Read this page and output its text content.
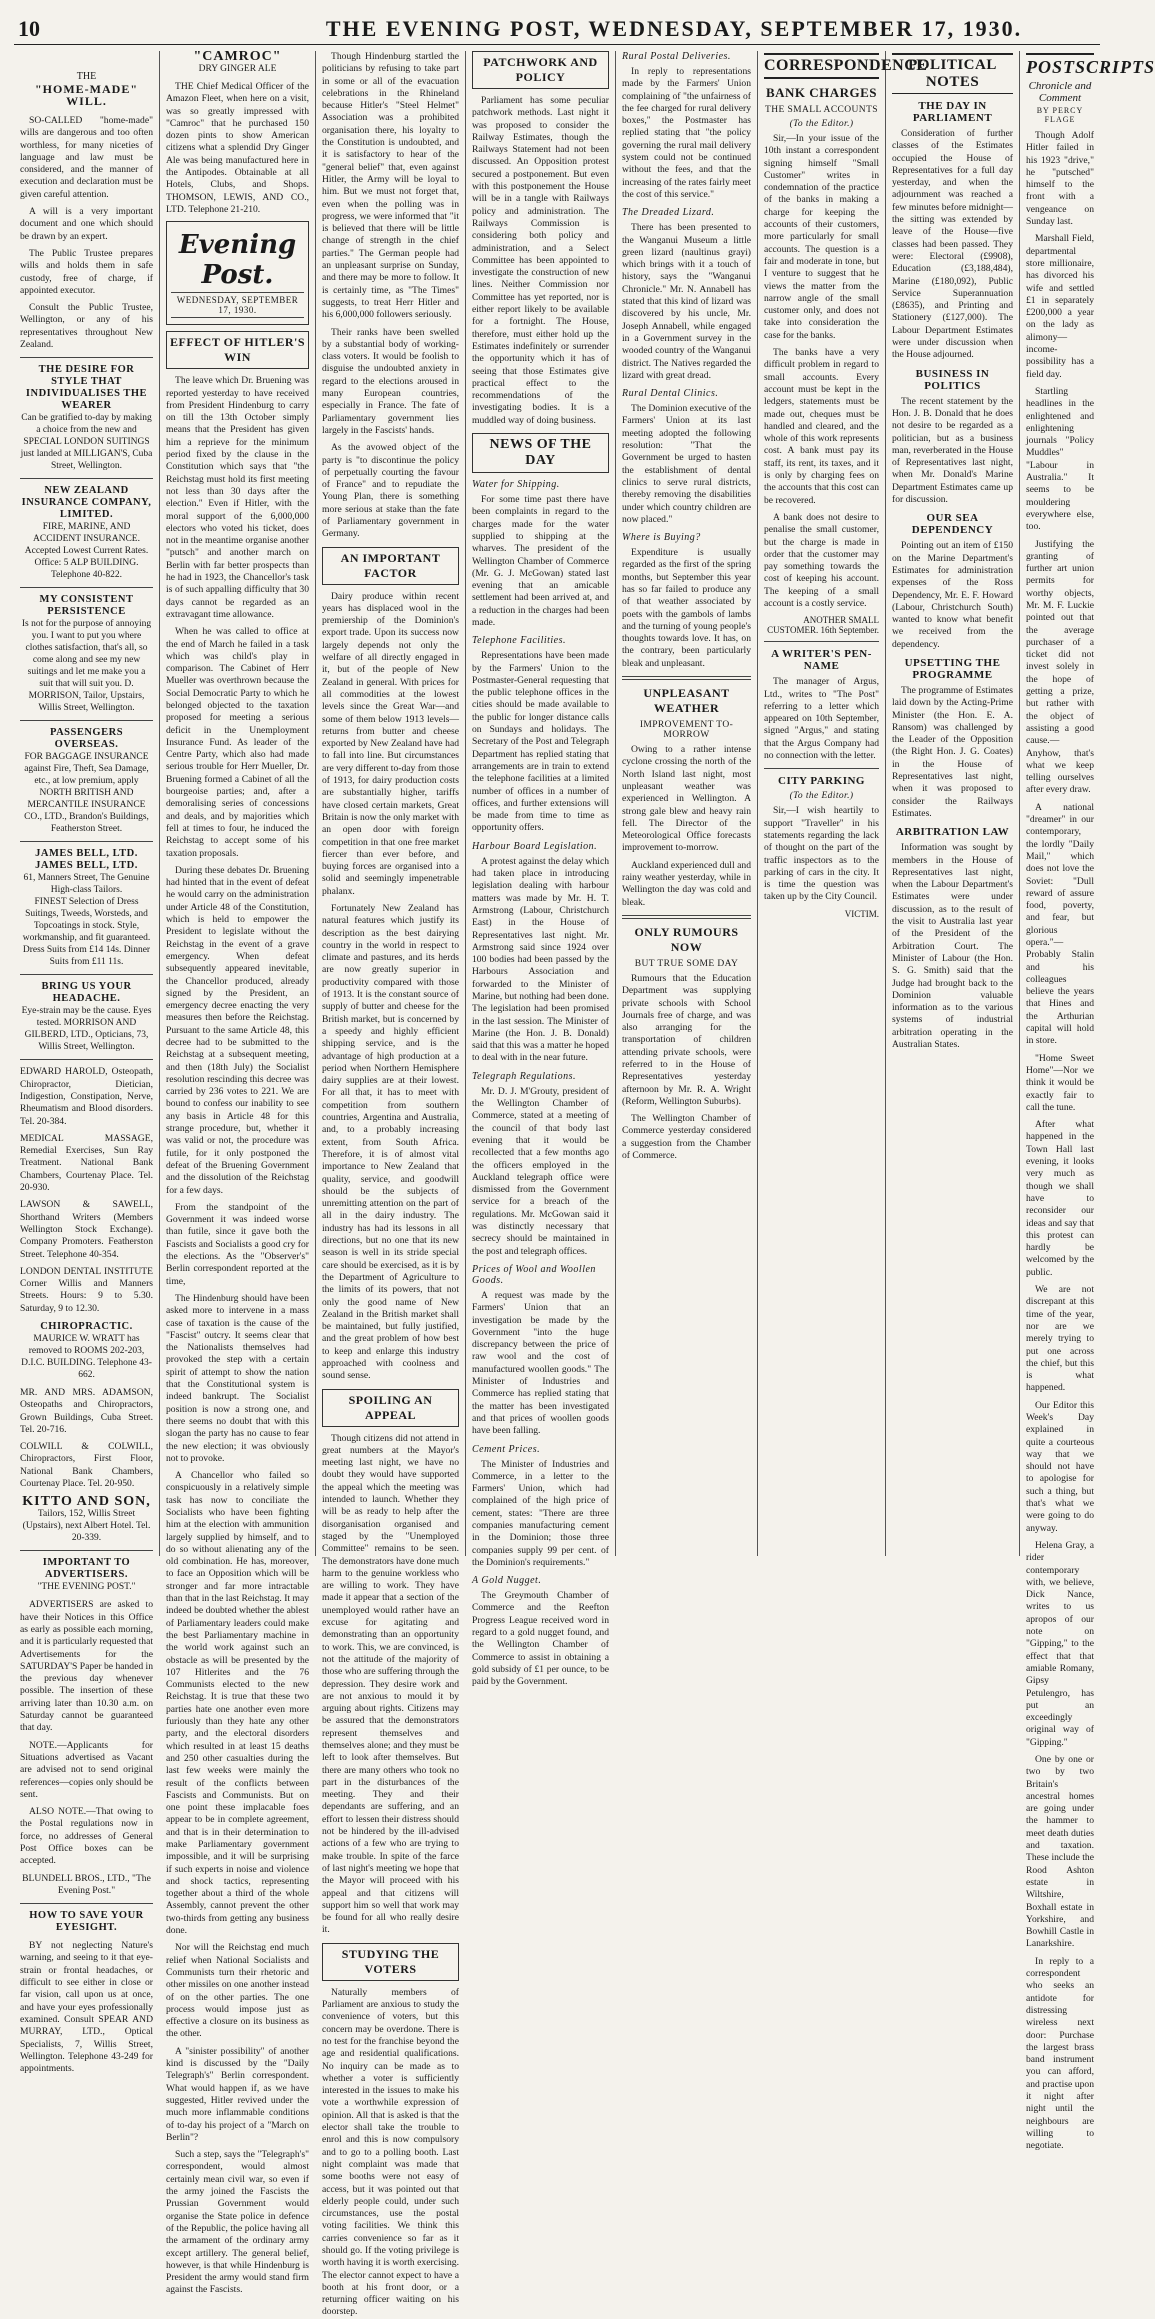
10	THE EVENING POST, WEDNESDAY, SEPTEMBER 17, 1930.
THE
"HOME-MADE" WILL.

SO-CALLED "home-made" wills are dangerous and too often worthless, for many niceties of language and law must be considered, and the manner of execution and declaration must be given careful attention.

A will is a very important document and one which should be drawn by an expert.

The Public Trustee prepares wills and holds them in safe custody, free of charge, if appointed executor.

Consult the Public Trustee, Wellington, or any of his representatives throughout New Zealand.

THE DESIRE FOR STYLE THAT INDIVIDUALISES THE WEARER
Can be gratified to-day by making a choice from the new and SPECIAL LONDON SUITINGS just landed at MILLIGAN'S, Cuba Street, Wellington.
NEW ZEALAND INSURANCE COMPANY, LIMITED.
FIRE, MARINE, AND ACCIDENT INSURANCE. Accepted Lowest Current Rates. Office: 5 ALP BUILDING. Telephone 40-822.
MY CONSISTENT PERSISTENCE
Is not for the purpose of annoying you. I want to put you where clothes satisfaction, that's all, so come along and see my new suitings and let me make you a suit that will suit you. D. MORRISON, Tailor, Upstairs, Willis Street, Wellington.
PASSENGERS OVERSEAS.
FOR BAGGAGE INSURANCE against Fire, Theft, Sea Damage, etc., at low premium, apply NORTH BRITISH AND MERCANTILE INSURANCE CO., LTD., Brandon's Buildings, Featherston Street.
JAMES BELL, LTD.
JAMES BELL, LTD.
61, Manners Street, The Genuine High-class Tailors.
FINEST Selection of Dress Suitings, Tweeds, Worsteds, and Topcoatings in stock. Style, workmanship, and fit guaranteed. Dress Suits from £14 14s. Dinner Suits from £11 11s.
BRING US YOUR HEADACHE.
Eye-strain may be the cause. Eyes tested. MORRISON AND GILBERD, LTD., Opticians, 73, Willis Street, Wellington.

EDWARD HAROLD, Osteopath, Chiropractor, Dietician, Indigestion, Constipation, Nerve, Rheumatism and Blood disorders. Tel. 20-384.

MEDICAL MASSAGE, Remedial Exercises, Sun Ray Treatment. National Bank Chambers, Courtenay Place. Tel. 20-930.

LAWSON & SAWELL, Shorthand Writers (Members Wellington Stock Exchange). Company Promoters. Featherston Street. Telephone 40-354.

LONDON DENTAL INSTITUTE Corner Willis and Manners Streets. Hours: 9 to 5.30. Saturday, 9 to 12.30.

CHIROPRACTIC.
MAURICE W. WRATT has removed to ROOMS 202-203, D.I.C. BUILDING. Telephone 43-662.

MR. AND MRS. ADAMSON, Osteopaths and Chiropractors, Grown Buildings, Cuba Street. Tel. 20-716.

COLWILL & COLWILL, Chiropractors, First Floor, National Bank Chambers, Courtenay Place. Tel. 20-950.

KITTO AND SON,
Tailors, 152, Willis Street (Upstairs), next Albert Hotel. Tel. 20-339.
IMPORTANT TO ADVERTISERS.
"THE EVENING POST."

ADVERTISERS are asked to have their Notices in this Office as early as possible each morning, and it is particularly requested that Advertisements for the SATURDAY'S Paper be handed in the previous day whenever possible. The insertion of these arriving later than 10.30 a.m. on Saturday cannot be guaranteed that day.

NOTE.—Applicants for Situations advertised as Vacant are advised not to send original references—copies only should be sent.

ALSO NOTE.—That owing to the Postal regulations now in force, no addresses of General Post Office boxes can be accepted.

BLUNDELL BROS., LTD., "The Evening Post."

HOW TO SAVE YOUR EYESIGHT.

BY not neglecting Nature's warning, and seeing to it that eye-strain or frontal headaches, or difficult to see either in close or far vision, call upon us at once, and have your eyes professionally examined. Consult SPEAR AND MURRAY, LTD., Optical Specialists, 7, Willis Street, Wellington. Telephone 43-249 for appointments.

"CAMROC"
DRY GINGER ALE

THE Chief Medical Officer of the Amazon Fleet, when here on a visit, was so greatly impressed with "Camroc" that he purchased 150 dozen pints to show American citizens what a splendid Dry Ginger Ale was being manufactured here in the Antipodes. Obtainable at all Hotels, Clubs, and Shops. THOMSON, LEWIS, AND CO., LTD. Telephone 21-210.

Evening Post.
WEDNESDAY, SEPTEMBER 17, 1930.
EFFECT OF HITLER'S WIN

The leave which Dr. Bruening was reported yesterday to have received from President Hindenburg to carry on till the 13th October simply means that the President has given him a reprieve for the minimum period fixed by the clause in the Constitution which says that "the Reichstag must hold its first meeting not less than 30 days after the election." Even if Hitler, with the moral support of the 6,000,000 electors who voted his ticket, does not in the meantime organise another "putsch" and another march on Berlin with far better prospects than he had in 1923, the Chancellor's task is of such appalling difficulty that 30 days cannot be regarded as an extravagant time allowance.

When he was called to office at the end of March he failed in a task which was child's play in comparison. The Cabinet of Herr Mueller was overthrown because the Social Democratic Party to which he belonged objected to the taxation proposed for meeting a serious deficit in the Unemployment Insurance Fund. As leader of the Centre Party, which also had made serious trouble for Herr Mueller, Dr. Bruening formed a Cabinet of all the bourgeoise parties; and, after a demoralising series of concessions and deals, and by majorities which fell at times to four, he induced the Reichstag to accept some of his taxation proposals.

During these debates Dr. Bruening had hinted that in the event of defeat he would carry on the administration under Article 48 of the Constitution, which is held to empower the President to legislate without the Reichstag in the event of a grave emergency. When defeat subsequently appeared inevitable, the Chancellor produced, already signed by the President, an emergency decree enacting the very measures then before the Reichstag. Pursuant to the same Article 48, this decree had to be submitted to the Reichstag at a subsequent meeting, and then (18th July) the Socialist resolution rescinding this decree was carried by 236 votes to 221. We are bound to confess our inability to see any basis in Article 48 for this strange procedure, but, whether it was valid or not, the procedure was futile, for it only postponed the defeat of the Bruening Government and the dissolution of the Reichstag for a few days.

From the standpoint of the Government it was indeed worse than futile, since it gave both the Fascists and Socialists a good cry for the elections. As the "Observer's" Berlin correspondent reported at the time,

The Hindenburg should have been asked more to intervene in a mass case of taxation is the cause of the "Fascist" outcry. It seems clear that the Nationalists themselves had provoked the step with a certain spirit of attempt to show the nation that the Constitutional system is indeed bankrupt. The Socialist position is now a strong one, and there seems no doubt that with this slogan the party has no cause to fear the new election; it was obviously not to provoke.

A Chancellor who failed so conspicuously in a relatively simple task has now to conciliate the Socialists who have been fighting him at the election with ammunition largely supplied by himself, and to do so without alienating any of the old combination. He has, moreover, to face an Opposition which will be stronger and far more intractable than that in the last Reichstag. It may indeed be doubted whether the ablest of Parliamentary leaders could make the best Parliamentary machine in the world work against such an obstacle as will be presented by the 107 Hitlerites and the 76 Communists elected to the new Reichstag. It is true that these two parties hate one another even more furiously than they hate any other party, and the electoral disorders which resulted in at least 15 deaths and 250 other casualties during the last few weeks were mainly the result of the conflicts between Fascists and Communists. But on one point these implacable foes appear to be in complete agreement, and that is in their determination to make Parliamentary government impossible, and it will be surprising if such experts in noise and violence and shock tactics, representing together about a third of the whole Assembly, cannot prevent the other two-thirds from getting any business done.

Nor will the Reichstag end much relief when National Socialists and Communists turn their rhetoric and other missiles on one another instead of on the other parties. The one process would impose just as effective a closure on its business as the other.

A "sinister possibility" of another kind is discussed by the "Daily Telegraph's" Berlin correspondent. What would happen if, as we have suggested, Hitler revived under the much more inflammable conditions of to-day his project of a "March on Berlin"?

Such a step, says the "Telegraph's" correspondent, would almost certainly mean civil war, so even if the army joined the Fascists the Prussian Government would organise the State police in defence of the Republic, the police having all the armament of the ordinary army except artillery. The general belief, however, is that while Hindenburg is President the army would stand firm against the Fascists.

Though Hindenburg startled the politicians by refusing to take part in some or all of the evacuation celebrations in the Rhineland because Hitler's "Steel Helmet" Association was a prohibited organisation there, his loyalty to the Constitution is undoubted, and it is satisfactory to hear of the "general belief" that, even against Hitler, the Army will be loyal to him. But we must not forget that, even when the polling was in progress, we were informed that "it is believed that there will be little change of strength in the chief parties." The German people had an unpleasant surprise on Sunday, and there may be more to follow. It is certainly time, as "The Times" suggests, to treat Herr Hitler and his 6,000,000 followers seriously.

Their ranks have been swelled by a substantial body of working-class voters. It would be foolish to disguise the undoubted anxiety in regard to the elections aroused in many European countries, especially in France. The fate of Parliamentary government lies largely in the Fascists' hands.

As the avowed object of the party is "to discontinue the policy of perpetually courting the favour of France" and to repudiate the Young Plan, there is something more serious at stake than the fate of Parliamentary government in Germany.

AN IMPORTANT FACTOR

Dairy produce within recent years has displaced wool in the premiership of the Dominion's export trade. Upon its success now largely depends not only the welfare of all directly engaged in it, but of the people of New Zealand in general. With prices for all commodities at the lowest levels since the Great War—and some of them below 1913 levels—returns from butter and cheese exported by New Zealand have had to fall into line. But circumstances are very different to-day from those of 1913, for dairy production costs are substantially higher, tariffs have closed certain markets, Great Britain is now the only market with an open door with foreign competition in that one free market fiercer than ever before, and buying forces are organised into a solid and seemingly impenetrable phalanx.

Fortunately New Zealand has natural features which justify its description as the best dairying country in the world in respect to climate and pastures, and its herds are now greatly superior in productivity compared with those of 1913. It is the constant source of supply of butter and cheese for the British market, but is concerned by a speedy and highly efficient shipping service, and is the advantage of high production at a period when Northern Hemisphere dairy supplies are at their lowest. For all that, it has to meet with competition from southern countries, Argentina and Australia, and, to a probably increasing extent, from South Africa. Therefore, it is of almost vital importance to New Zealand that quality, service, and goodwill should be the subjects of unremitting attention on the part of all in the dairy industry. The industry has had its lessons in all directions, but no one that its new season is well in its stride special care should be exercised, as it is by the Department of Agriculture to the limits of its powers, that not only the good name of New Zealand in the British market shall be maintained, but fully justified, and the great problem of how best to keep and enlarge this industry approached with coolness and sound sense.

SPOILING AN APPEAL

Though citizens did not attend in great numbers at the Mayor's meeting last night, we have no doubt they would have supported the appeal which the meeting was intended to launch. Whether they will be as ready to help after the disorganisation organised and staged by the "Unemployed Committee" remains to be seen. The demonstrators have done much harm to the genuine workless who are willing to work. They have made it appear that a section of the unemployed would rather have an excuse for agitating and demonstrating than an opportunity to work. This, we are convinced, is not the attitude of the majority of those who are suffering through the depression. They desire work and are not anxious to mould it by arguing about rights. Citizens may be assured that the demonstrators represent themselves and themselves alone; and they must be left to look after themselves. But there are many others who took no part in the disturbances of the meeting. They and their dependants are suffering, and an effort to lessen their distress should not be hindered by the ill-advised actions of a few who are trying to make trouble. In spite of the farce of last night's meeting we hope that the Mayor will proceed with his appeal and that citizens will support him so well that work may be found for all who really desire it.

STUDYING THE VOTERS

Naturally members of Parliament are anxious to study the convenience of voters, but this concern may be overdone. There is no test for the franchise beyond the age and residential qualifications. No inquiry can be made as to whether a voter is sufficiently interested in the issues to make his vote a worthwhile expression of opinion. All that is asked is that the elector shall take the trouble to enrol and this is now compulsory and to go to a polling booth. Last night complaint was made that some booths were not easy of access, but it was pointed out that elderly people could, under such circumstances, use the postal voting facilities. We think this carries convenience so far as it should go. If the voting privilege is worth having it is worth exercising. The elector cannot expect to have a booth at his front door, or a returning officer waiting on his doorstep.

PATCHWORK AND POLICY

Parliament has some peculiar patchwork methods. Last night it was proposed to consider the Railway Estimates, though the Railways Statement had not been discussed. An Opposition protest secured a postponement. But even with this postponement the House will be in a tangle with Railways policy and administration. The Railways Commission is considering both policy and administration, and a Select Committee has been appointed to investigate the construction of new lines. Neither Commission nor Committee has yet reported, nor is either report likely to be available for a fortnight. The House, therefore, must either hold up the Estimates indefinitely or surrender the opportunity which it has of seeing that those Estimates give practical effect to the recommendations of the investigating bodies. It is a muddled way of doing business.

NEWS OF THE DAY
Water for Shipping.

For some time past there have been complaints in regard to the charges made for the water supplied to shipping at the wharves. The president of the Wellington Chamber of Commerce (Mr. G. J. McGowan) stated last evening that an amicable settlement had been arrived at, and a reduction in the charges had been made.

Telephone Facilities.

Representations have been made by the Farmers' Union to the Postmaster-General requesting that the public telephone offices in the cities should be made available to the public for longer distance calls on Sundays and holidays. The Secretary of the Post and Telegraph Department has replied stating that arrangements are in train to extend the telephone facilities at a limited number of offices in a number of offices, and further extensions will be made from time to time as opportunity offers.

Harbour Board Legislation.

A protest against the delay which had taken place in introducing legislation dealing with harbour matters was made by Mr. H. T. Armstrong (Labour, Christchurch East) in the House of Representatives last night. Mr. Armstrong said since 1924 over 100 bodies had been passed by the Harbours Association and forwarded to the Minister of Marine, but nothing had been done. The legislation had been promised in the last session. The Minister of Marine (the Hon. J. B. Donald) said that this was a matter he hoped to deal with in the near future.

Telegraph Regulations.

Mr. D. J. M'Grouty, president of the Wellington Chamber of Commerce, stated at a meeting of the council of that body last evening that it would be recollected that a few months ago the officers employed in the Auckland telegraph office were dismissed from the Government service for a breach of the regulations. Mr. McGowan said it was distinctly necessary that secrecy should be maintained in the post and telegraph offices.

Prices of Wool and Woollen Goods.

A request was made by the Farmers' Union that an investigation be made by the Government "into the huge discrepancy between the price of raw wool and the cost of manufactured woollen goods." The Minister of Industries and Commerce has replied stating that the matter has been investigated and that prices of woollen goods have been falling.

Cement Prices.

The Minister of Industries and Commerce, in a letter to the Farmers' Union, which had complained of the high price of cement, states: "There are three companies manufacturing cement in the Dominion; those three companies supply 99 per cent. of the Dominion's requirements."

A Gold Nugget.

The Greymouth Chamber of Commerce and the Reefton Progress League received word in regard to a gold nugget found, and the Wellington Chamber of Commerce to assist in obtaining a gold subsidy of £1 per ounce, to be paid by the Government.

Rural Postal Deliveries.

In reply to representations made by the Farmers' Union complaining of "the unfairness of the fee charged for rural delivery boxes," the Postmaster has replied stating that "the policy governing the rural mail delivery system could not be continued without the fees, and that the increasing of the rates fairly meet the cost of this service."

The Dreaded Lizard.

There has been presented to the Wanganui Museum a little green lizard (naultinus grayi) which brings with it a touch of history, says the "Wanganui Chronicle." Mr. N. Annabell has stated that this kind of lizard was discovered by his uncle, Mr. Joseph Annabell, while engaged in a Government survey in the wooded country of the Wanganui district. The Natives regarded the lizard with great dread.

Rural Dental Clinics.

The Dominion executive of the Farmers' Union at its last meeting adopted the following resolution: "That the Government be urged to hasten the establishment of dental clinics to serve rural districts, thereby removing the disabilities under which country children are now placed."

Where is Buying?

Expenditure is usually regarded as the first of the spring months, but September this year has so far failed to produce any of that weather associated by poets with the gambols of lambs and the turning of young people's thoughts towards love. It has, on the contrary, been particularly bleak and unpleasant.

UNPLEASANT WEATHER
IMPROVEMENT TO-MORROW

Owing to a rather intense cyclone crossing the north of the North Island last night, most unpleasant weather was experienced in Wellington. A strong gale blew and heavy rain fell. The Director of the Meteorological Office forecasts improvement to-morrow.

Auckland experienced dull and rainy weather yesterday, while in Wellington the day was cold and bleak.

ONLY RUMOURS NOW
BUT TRUE SOME DAY

Rumours that the Education Department was supplying private schools with School Journals free of charge, and was also arranging for the transportation of children attending private schools, were referred to in the House of Representatives yesterday afternoon by Mr. R. A. Wright (Reform, Wellington Suburbs).

The Wellington Chamber of Commerce yesterday considered a suggestion from the Chamber of Commerce.

CORRESPONDENCE
BANK CHARGES
THE SMALL ACCOUNTS
(To the Editor.)

Sir,—In your issue of the 10th instant a correspondent signing himself "Small Customer" writes in condemnation of the practice of the banks in making a charge for keeping the accounts of their customers, more particularly for small accounts. The question is a fair and moderate in tone, but I venture to suggest that he views the matter from the narrow angle of the small customer only, and does not take into consideration the case for the banks.

The banks have a very difficult problem in regard to small accounts. Every account must be kept in the ledgers, statements must be made out, cheques must be handled and cleared, and the whole of this work represents cost. A bank must pay its staff, its rent, its taxes, and it is only by charging fees on the accounts that this cost can be recovered.

A bank does not desire to penalise the small customer, but the charge is made in order that the customer may pay something towards the cost of keeping his account. The keeping of a small account is a costly service.

ANOTHER SMALL CUSTOMER. 16th September.
A WRITER'S PEN-NAME

The manager of Argus, Ltd., writes to "The Post" referring to a letter which appeared on 10th September, signed "Argus," and stating that the Argus Company had no connection with the letter.

CITY PARKING
(To the Editor.)

Sir,—I wish heartily to support "Traveller" in his statements regarding the lack of thought on the part of the traffic inspectors as to the parking of cars in the city. It is time the question was taken up by the City Council.

VICTIM.
POLITICAL NOTES
THE DAY IN PARLIAMENT

Consideration of further classes of the Estimates occupied the House of Representatives for a full day yesterday, and when the adjournment was reached a few minutes before midnight—the sitting was extended by leave of the House—five classes had been passed. They were: Electoral (£9908), Education (£3,188,484), Marine (£180,092), Public Service Superannuation (£8635), and Printing and Stationery (£127,000). The Labour Department Estimates were under discussion when the House adjourned.

BUSINESS IN POLITICS

The recent statement by the Hon. J. B. Donald that he does not desire to be regarded as a politician, but as a business man, reverberated in the House of Representatives last night, when Mr. Donald's Marine Department Estimates came up for discussion.

OUR SEA DEPENDENCY

Pointing out an item of £150 on the Marine Department's Estimates for administration expenses of the Ross Dependency, Mr. E. F. Howard (Labour, Christchurch South) wanted to know what benefit we received from the dependency.

UPSETTING THE PROGRAMME

The programme of Estimates laid down by the Acting-Prime Minister (the Hon. E. A. Ransom) was challenged by the Leader of the Opposition (the Right Hon. J. G. Coates) in the House of Representatives last night, when it was proposed to consider the Railways Estimates.

ARBITRATION LAW

Information was sought by members in the House of Representatives last night, when the Labour Department's Estimates were under discussion, as to the result of the visit to Australia last year of the President of the Arbitration Court. The Minister of Labour (the Hon. S. G. Smith) said that the Judge had brought back to the Dominion valuable information as to the various systems of industrial arbitration operating in the Australian States.

POSTSCRIPTS
Chronicle and Comment
BY PERCY FLAGE

Though Adolf Hitler failed in his 1923 "drive," he "putsched" himself to the front with a vengeance on Sunday last.

Marshall Field, departmental store millionaire, has divorced his wife and settled £1 in separately £200,000 a year on the lady as alimony—income-possibility has a field day.

Startling headlines in the enlightened and enlightening journals "Policy Muddles" "Labour in Australia." It seems to be mouldering everywhere else, too.

Justifying the granting of further art union permits for worthy objects, Mr. M. F. Luckie pointed out that the average purchaser of a ticket did not invest solely in the hope of getting a prize, but rather with the object of assisting a good cause.—Anyhow, that's what we keep telling ourselves after every draw.

A national "dreamer" in our contemporary, the lordly "Daily Mail," which does not love the Soviet: "Dull reward of assure food, poverty, and fear, but glorious opera."—Probably Stalin and his colleagues believe the years that Hines and the Arthurian capital will hold in store.

"Home Sweet Home"—Nor we think it would be exactly fair to call the tune.

After what happened in the Town Hall last evening, it looks very much as though we shall have to reconsider our ideas and say that this protest can hardly be welcomed by the public.

We are not discrepant at this time of the year, nor are we merely trying to put one across the chief, but this is what happened.

Our Editor this Week's Day explained in quite a courteous way that we should not have to apologise for such a thing, but that's what we were going to do anyway.

Helena Gray, a rider contemporary with, we believe, Dick Nance, writes to us apropos of our note on "Gipping," to the effect that that amiable Romany, Gipsy Petulengro, has put an exceedingly original way of "Gipping."

One by one or two by two Britain's ancestral homes are going under the hammer to meet death duties and taxation. These include the Rood Ashton estate in Wiltshire, Boxhall estate in Yorkshire, and Bowhill Castle in Lanarkshire.

In reply to a correspondent who seeks an antidote for distressing wireless next door: Purchase the largest brass band instrument you can afford, and practise upon it night after night until the neighbours are willing to negotiate.
